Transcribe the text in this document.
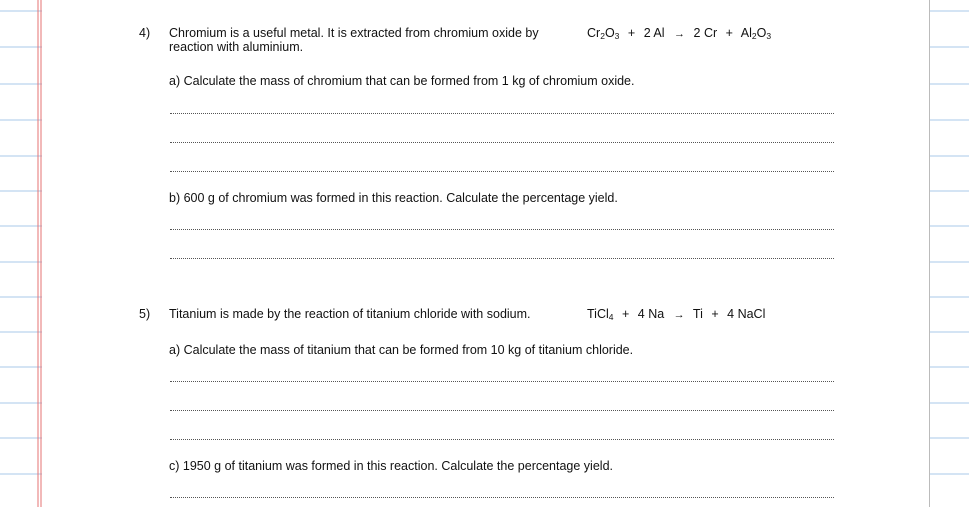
4) Chromium is a useful metal. It is extracted from chromium oxide by
reaction with aluminium.
$Cr_2O_3 + 2$ Al → 2 $Cr + Al_2O_3$
a) Calculate the mass of chromium that can be formed from 1 kg of chromium oxide.
b) 600 g of chromium was formed in this reaction. Calculate the percentage yield.
5) Titanium is made by the reaction of titanium chloride with sodium.	TiCl$_4$ + 4 Na → Ti + 4 NaCl
a) Calculate the mass of titanium that can be formed from 10 kg of titanium chloride.
c) 1950 g of titanium was formed in this reaction. Calculate the percentage yield.
